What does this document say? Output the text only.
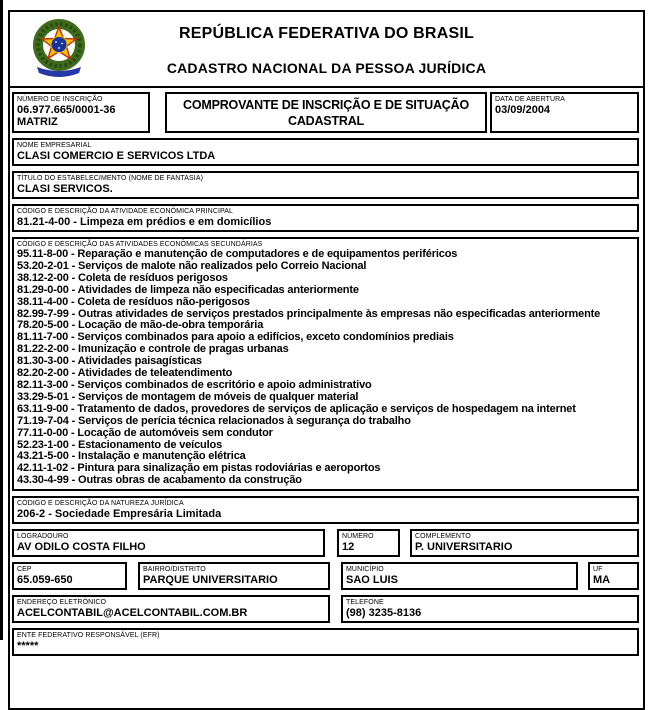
REPÚBLICA FEDERATIVA DO BRASIL
CADASTRO NACIONAL DA PESSOA JURÍDICA
NÚMERO DE INSCRIÇÃO
06.977.665/0001-36
MATRIZ
COMPROVANTE DE INSCRIÇÃO E DE SITUAÇÃO CADASTRAL
DATA DE ABERTURA
03/09/2004
NOME EMPRESARIAL
CLASI COMERCIO E SERVICOS LTDA
TÍTULO DO ESTABELECIMENTO (NOME DE FANTASIA)
CLASI SERVICOS.
CÓDIGO E DESCRIÇÃO DA ATIVIDADE ECONÔMICA PRINCIPAL
81.21-4-00 - Limpeza em prédios e em domicílios
CÓDIGO E DESCRIÇÃO DAS ATIVIDADES ECONÔMICAS SECUNDÁRIAS
95.11-8-00 - Reparação e manutenção de computadores e de equipamentos periféricos
53.20-2-01 - Serviços de malote não realizados pelo Correio Nacional
38.12-2-00 - Coleta de resíduos perigosos
81.29-0-00 - Atividades de limpeza não especificadas anteriormente
38.11-4-00 - Coleta de resíduos não-perigosos
82.99-7-99 - Outras atividades de serviços prestados principalmente às empresas não especificadas anteriormente
78.20-5-00 - Locação de mão-de-obra temporária
81.11-7-00 - Serviços combinados para apoio a edifícios, exceto condomínios prediais
81.22-2-00 - Imunização e controle de pragas urbanas
81.30-3-00 - Atividades paisagísticas
82.20-2-00 - Atividades de teleatendimento
82.11-3-00 - Serviços combinados de escritório e apoio administrativo
33.29-5-01 - Serviços de montagem de móveis de qualquer material
63.11-9-00 - Tratamento de dados, provedores de serviços de aplicação e serviços de hospedagem na internet
71.19-7-04 - Serviços de perícia técnica relacionados à segurança do trabalho
77.11-0-00 - Locação de automóveis sem condutor
52.23-1-00 - Estacionamento de veículos
43.21-5-00 - Instalação e manutenção elétrica
42.11-1-02 - Pintura para sinalização em pistas rodoviárias e aeroportos
43.30-4-99 - Outras obras de acabamento da construção
CÓDIGO E DESCRIÇÃO DA NATUREZA JURÍDICA
206-2 - Sociedade Empresária Limitada
LOGRADOURO
AV ODILO COSTA FILHO
NÚMERO
12
COMPLEMENTO
P. UNIVERSITARIO
CEP
65.059-650
BAIRRO/DISTRITO
PARQUE UNIVERSITARIO
MUNICÍPIO
SAO LUIS
UF
MA
ENDEREÇO ELETRÔNICO
ACELCONTABIL@ACELCONTABIL.COM.BR
TELEFONE
(98) 3235-8136
ENTE FEDERATIVO RESPONSÁVEL (EFR)
*****
